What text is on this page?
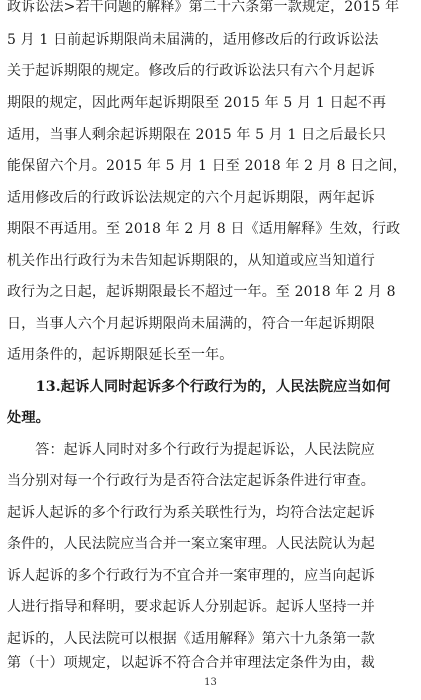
政诉讼法>若干问题的解释》第二十六条第一款规定，2015 年
5 月 1 日前起诉期限尚未届满的，适用修改后的行政诉讼法
关于起诉期限的规定。修改后的行政诉讼法只有六个月起诉
期限的规定，因此两年起诉期限至 2015 年 5 月 1 日起不再
适用，当事人剩余起诉期限在 2015 年 5 月 1 日之后最长只
能保留六个月。2015 年 5 月 1 日至 2018 年 2 月 8 日之间，
适用修改后的行政诉讼法规定的六个月起诉期限，两年起诉
期限不再适用。至 2018 年 2 月 8 日《适用解释》生效，行政
机关作出行政行为未告知起诉期限的，从知道或应当知道行
政行为之日起，起诉期限最长不超过一年。至 2018 年 2 月 8
日，当事人六个月起诉期限尚未届满的，符合一年起诉期限
适用条件的，起诉期限延长至一年。
　　13.起诉人同时起诉多个行政行为的，人民法院应当如何
处理。
　　答：起诉人同时对多个行政行为提起诉讼，人民法院应
当分别对每一个行政行为是否符合法定起诉条件进行审查。
起诉人起诉的多个行政行为系关联性行为，均符合法定起诉
条件的，人民法院应当合并一案立案审理。人民法院认为起
诉人起诉的多个行政行为不宜合并一案审理的，应当向起诉
人进行指导和释明，要求起诉人分别起诉。起诉人坚持一并
起诉的，人民法院可以根据《适用解释》第六十九条第一款
第（十）项规定，以起诉不符合合并审理法定条件为由，裁
13
